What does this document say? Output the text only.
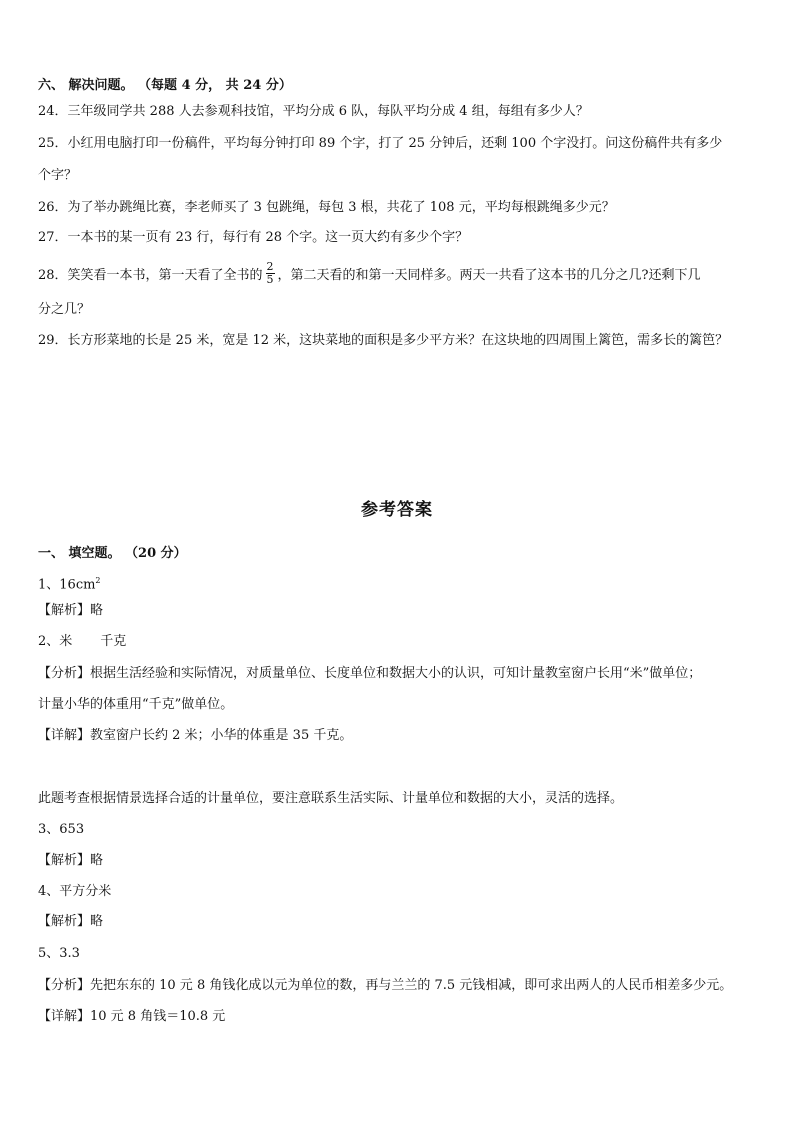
六、 解决问题。 （每题 4 分， 共 24 分）
24．三年级同学共 288 人去参观科技馆，平均分成 6 队，每队平均分成 4 组，每组有多少人？
25．小红用电脑打印一份稿件，平均每分钟打印 89 个字，打了 25 分钟后，还剩 100 个字没打。问这份稿件共有多少
个字？
26．为了举办跳绳比赛，李老师买了 3 包跳绳，每包 3 根，共花了 108 元，平均每根跳绳多少元？
27．一本书的某一页有 23 行，每行有 28 个字。这一页大约有多少个字？
28．笑笑看一本书，第一天看了全书的 $\frac{2}{5}$ ，第二天看的和第一天同样多。两天一共看了这本书的几分之几?还剩下几
分之几？
29．长方形菜地的长是 25 米，宽是 12 米，这块菜地的面积是多少平方米？在这块地的四周围上篱笆，需多长的篱笆？
参考答案
一、 填空题。 （20 分）
1、$16cm^2$
【解析】略
2、米 千克
【分析】根据生活经验和实际情况，对质量单位、长度单位和数据大小的认识，可知计量教室窗户长用“米”做单位；
计量小华的体重用“千克”做单位。
【详解】教室窗户长约 2 米；小华的体重是 35 千克。
此题考查根据情景选择合适的计量单位，要注意联系生活实际、计量单位和数据的大小，灵活的选择。
3、653
【解析】略
4、平方分米
【解析】略
5、3.3
【分析】先把东东的 10 元 8 角钱化成以元为单位的数，再与兰兰的 7.5 元钱相减，即可求出两人的人民币相差多少元。
【详解】10 元 8 角钱＝10.8 元
